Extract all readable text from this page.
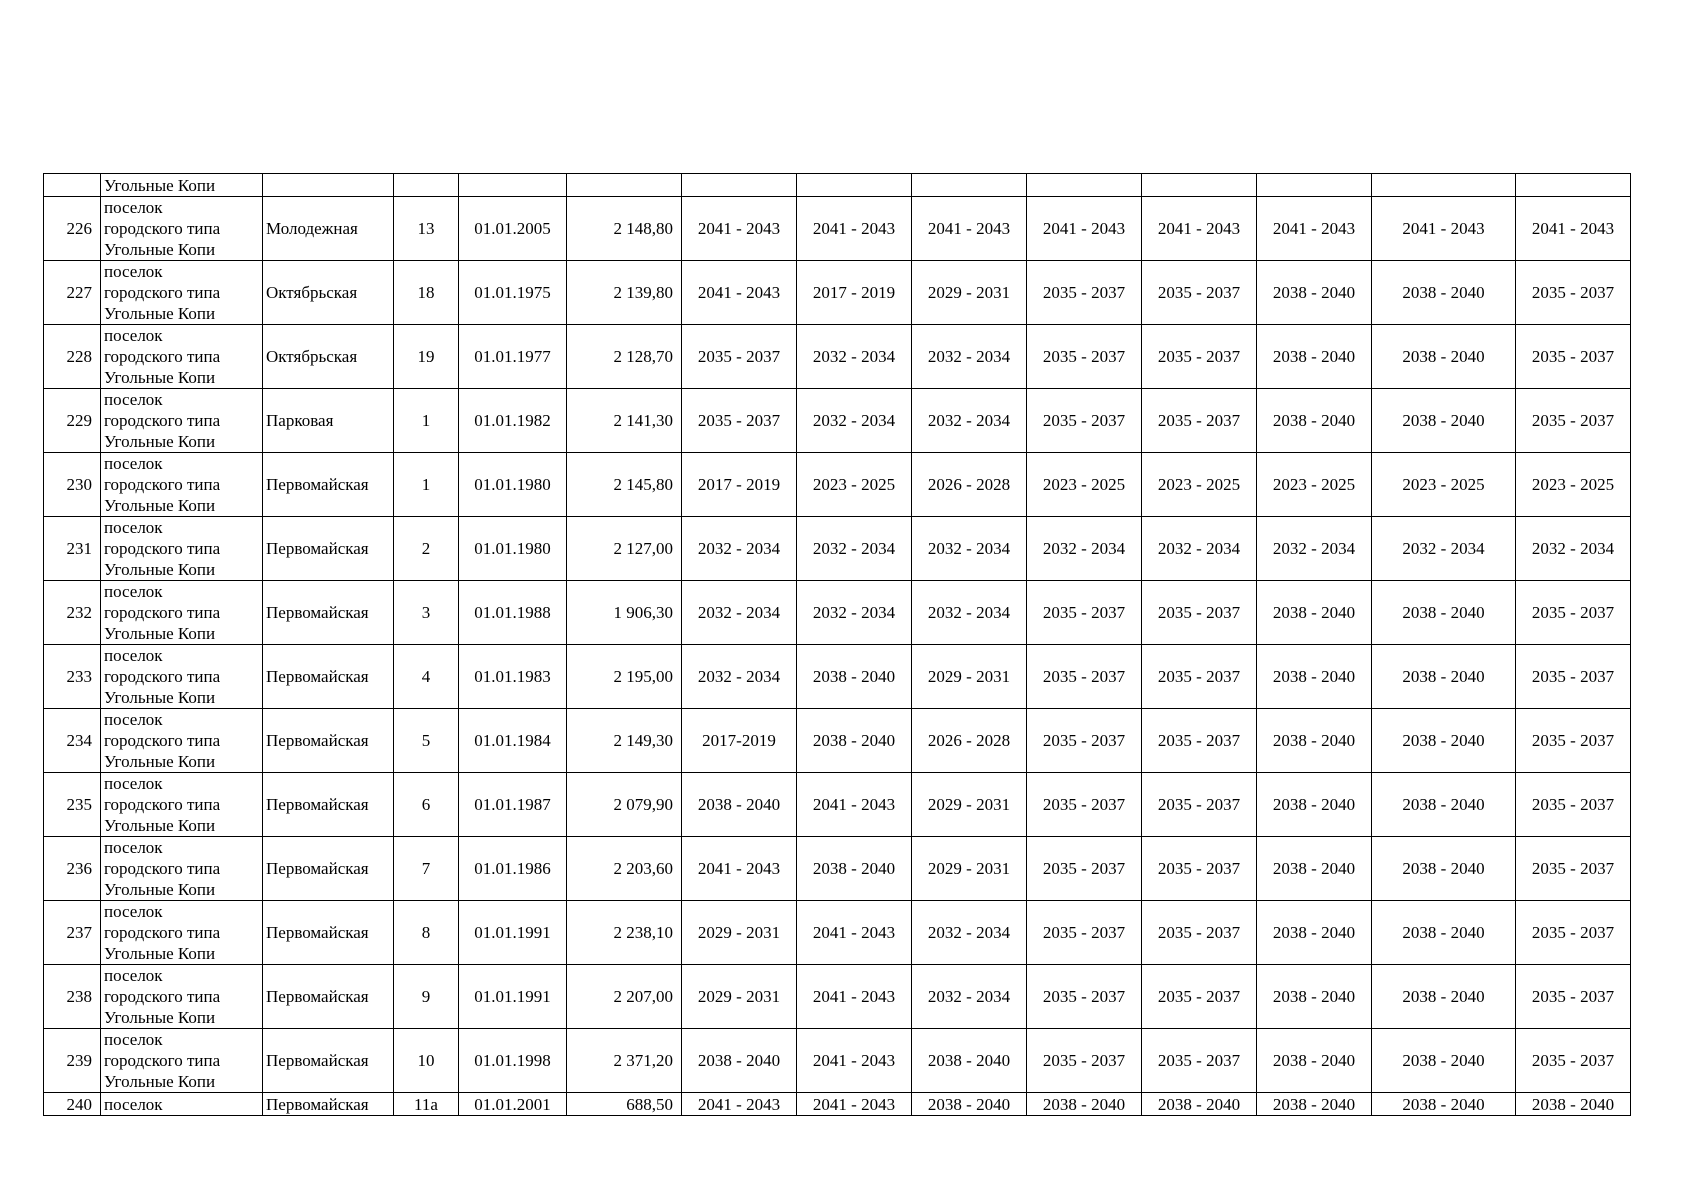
	Угольные Копи												
226	поселок
городского типа
Угольные Копи	Молодежная	13	01.01.2005	2 148,80	2041 - 2043	2041 - 2043	2041 - 2043	2041 - 2043	2041 - 2043	2041 - 2043	2041 - 2043	2041 - 2043
227	поселок
городского типа
Угольные Копи	Октябрьская	18	01.01.1975	2 139,80	2041 - 2043	2017 - 2019	2029 - 2031	2035 - 2037	2035 - 2037	2038 - 2040	2038 - 2040	2035 - 2037
228	поселок
городского типа
Угольные Копи	Октябрьская	19	01.01.1977	2 128,70	2035 - 2037	2032 - 2034	2032 - 2034	2035 - 2037	2035 - 2037	2038 - 2040	2038 - 2040	2035 - 2037
229	поселок
городского типа
Угольные Копи	Парковая	1	01.01.1982	2 141,30	2035 - 2037	2032 - 2034	2032 - 2034	2035 - 2037	2035 - 2037	2038 - 2040	2038 - 2040	2035 - 2037
230	поселок
городского типа
Угольные Копи	Первомайская	1	01.01.1980	2 145,80	2017 - 2019	2023 - 2025	2026 - 2028	2023 - 2025	2023 - 2025	2023 - 2025	2023 - 2025	2023 - 2025
231	поселок
городского типа
Угольные Копи	Первомайская	2	01.01.1980	2 127,00	2032 - 2034	2032 - 2034	2032 - 2034	2032 - 2034	2032 - 2034	2032 - 2034	2032 - 2034	2032 - 2034
232	поселок
городского типа
Угольные Копи	Первомайская	3	01.01.1988	1 906,30	2032 - 2034	2032 - 2034	2032 - 2034	2035 - 2037	2035 - 2037	2038 - 2040	2038 - 2040	2035 - 2037
233	поселок
городского типа
Угольные Копи	Первомайская	4	01.01.1983	2 195,00	2032 - 2034	2038 - 2040	2029 - 2031	2035 - 2037	2035 - 2037	2038 - 2040	2038 - 2040	2035 - 2037
234	поселок
городского типа
Угольные Копи	Первомайская	5	01.01.1984	2 149,30	2017-2019	2038 - 2040	2026 - 2028	2035 - 2037	2035 - 2037	2038 - 2040	2038 - 2040	2035 - 2037
235	поселок
городского типа
Угольные Копи	Первомайская	6	01.01.1987	2 079,90	2038 - 2040	2041 - 2043	2029 - 2031	2035 - 2037	2035 - 2037	2038 - 2040	2038 - 2040	2035 - 2037
236	поселок
городского типа
Угольные Копи	Первомайская	7	01.01.1986	2 203,60	2041 - 2043	2038 - 2040	2029 - 2031	2035 - 2037	2035 - 2037	2038 - 2040	2038 - 2040	2035 - 2037
237	поселок
городского типа
Угольные Копи	Первомайская	8	01.01.1991	2 238,10	2029 - 2031	2041 - 2043	2032 - 2034	2035 - 2037	2035 - 2037	2038 - 2040	2038 - 2040	2035 - 2037
238	поселок
городского типа
Угольные Копи	Первомайская	9	01.01.1991	2 207,00	2029 - 2031	2041 - 2043	2032 - 2034	2035 - 2037	2035 - 2037	2038 - 2040	2038 - 2040	2035 - 2037
239	поселок
городского типа
Угольные Копи	Первомайская	10	01.01.1998	2 371,20	2038 - 2040	2041 - 2043	2038 - 2040	2035 - 2037	2035 - 2037	2038 - 2040	2038 - 2040	2035 - 2037
240	поселок	Первомайская	11а	01.01.2001	688,50	2041 - 2043	2041 - 2043	2038 - 2040	2038 - 2040	2038 - 2040	2038 - 2040	2038 - 2040	2038 - 2040
